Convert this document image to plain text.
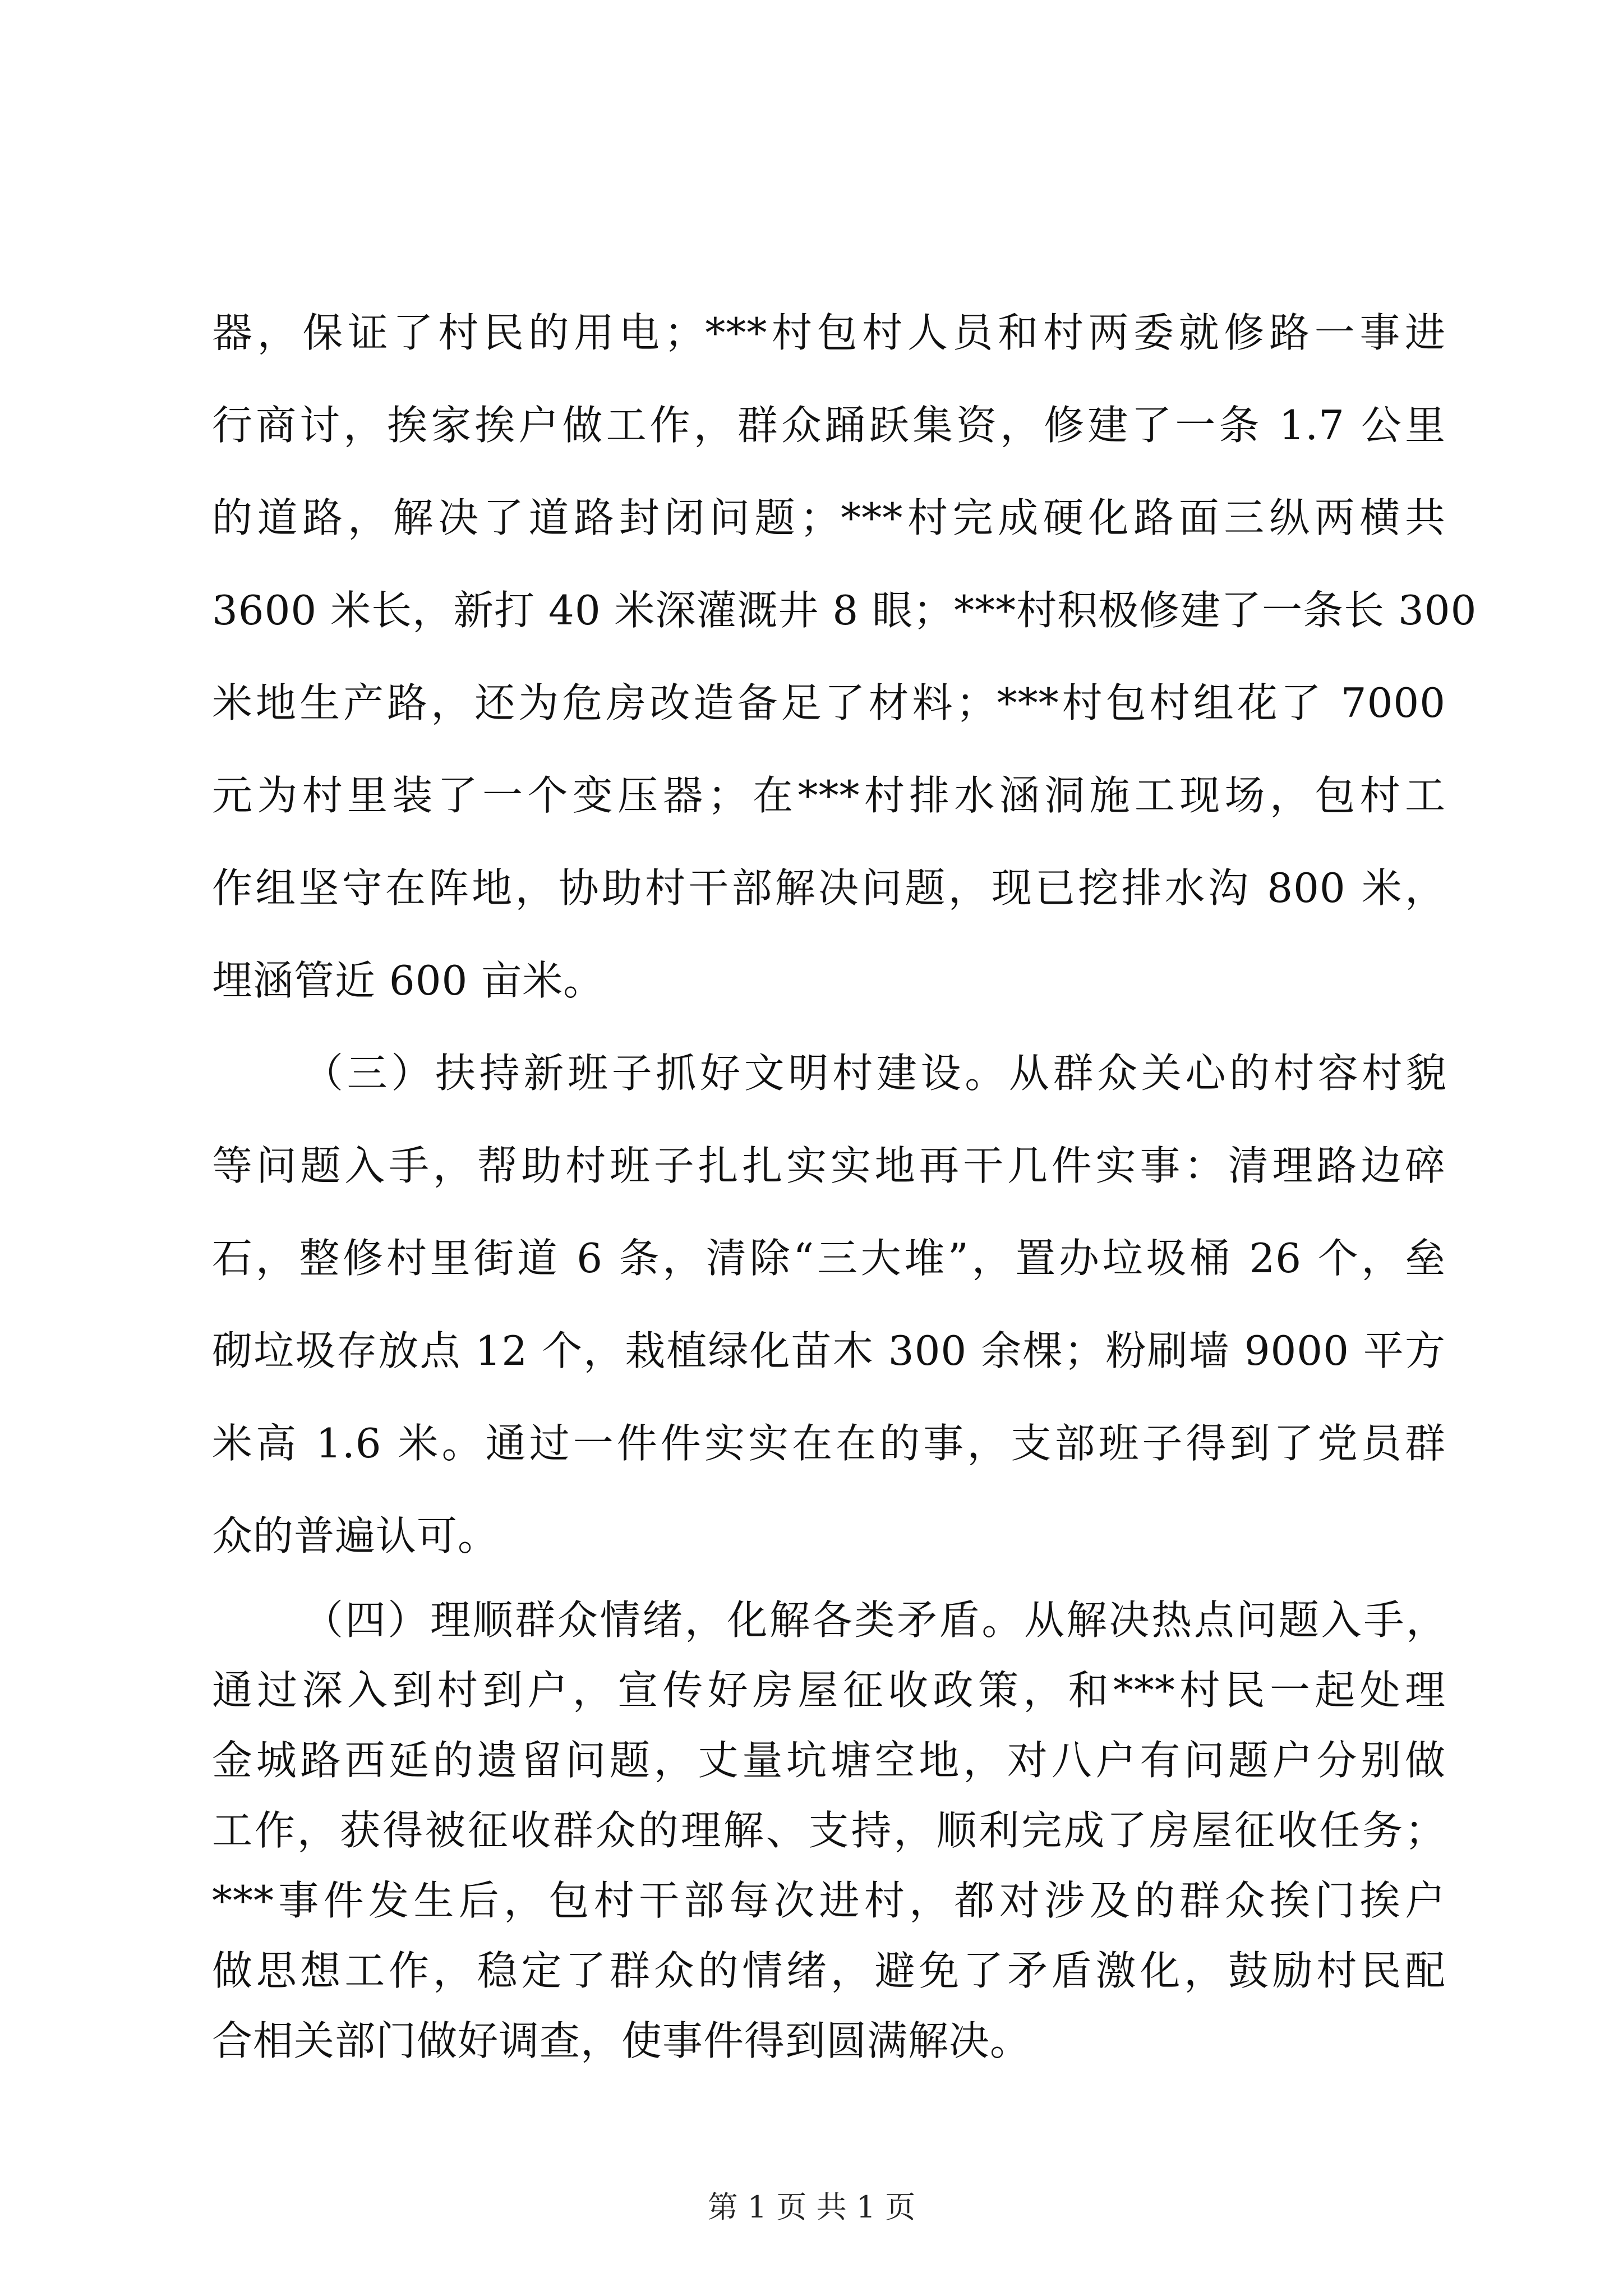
器，保证了村民的用电；***村包村人员和村两委就修路一事进
行商讨，挨家挨户做工作，群众踊跃集资，修建了一条 1.7 公里
的道路，解决了道路封闭问题；***村完成硬化路面三纵两横共
3600 米长，新打 40 米深灌溉井 8 眼；***村积极修建了一条长 300
米地生产路，还为危房改造备足了材料；***村包村组花了 7000
元为村里装了一个变压器；在***村排水涵洞施工现场，包村工
作组坚守在阵地，协助村干部解决问题，现已挖排水沟 800 米，
埋涵管近 600 亩米。
（三）扶持新班子抓好文明村建设。从群众关心的村容村貌
等问题入手，帮助村班子扎扎实实地再干几件实事：清理路边碎
石，整修村里街道 6 条，清除“三大堆”，置办垃圾桶 26 个，垒
砌垃圾存放点 12 个，栽植绿化苗木 300 余棵；粉刷墙 9000 平方
米高 1.6 米。通过一件件实实在在的事，支部班子得到了党员群
众的普遍认可。
（四）理顺群众情绪，化解各类矛盾。从解决热点问题入手，
通过深入到村到户，宣传好房屋征收政策，和***村民一起处理
金城路西延的遗留问题，丈量坑塘空地，对八户有问题户分别做
工作，获得被征收群众的理解、支持，顺利完成了房屋征收任务；
***事件发生后，包村干部每次进村，都对涉及的群众挨门挨户
做思想工作，稳定了群众的情绪，避免了矛盾激化，鼓励村民配
合相关部门做好调查，使事件得到圆满解决。
第 1 页 共 1 页
